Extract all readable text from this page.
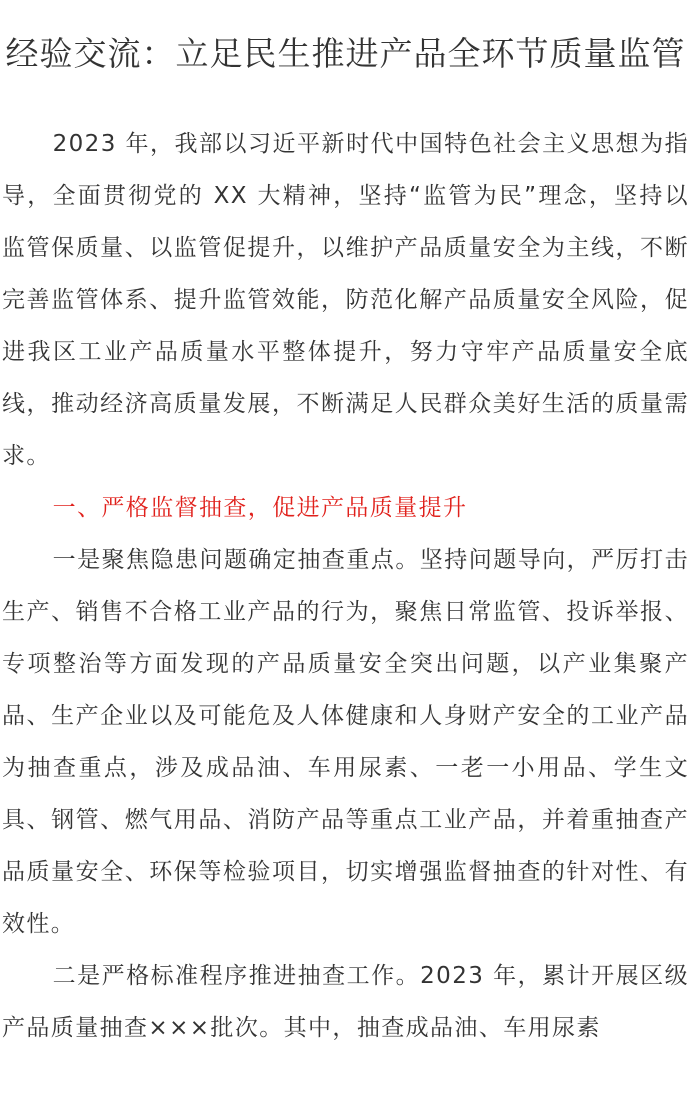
经验交流：立足民生推进产品全环节质量监管

2023 年，我部以习近平新时代中国特色社会主义思想为指导，全面贯彻党的 XX 大精神，坚持“监管为民”理念，坚持以监管保质量、以监管促提升，以维护产品质量安全为主线，不断完善监管体系、提升监管效能，防范化解产品质量安全风险，促进我区工业产品质量水平整体提升，努力守牢产品质量安全底线，推动经济高质量发展，不断满足人民群众美好生活的质量需求。

一、严格监督抽查，促进产品质量提升

一是聚焦隐患问题确定抽查重点。坚持问题导向，严厉打击生产、销售不合格工业产品的行为，聚焦日常监管、投诉举报、专项整治等方面发现的产品质量安全突出问题，以产业集聚产品、生产企业以及可能危及人体健康和人身财产安全的工业产品为抽查重点，涉及成品油、车用尿素、一老一小用品、学生文具、钢管、燃气用品、消防产品等重点工业产品，并着重抽查产品质量安全、环保等检验项目，切实增强监督抽查的针对性、有效性。

二是严格标准程序推进抽查工作。2023 年，累计开展区级产品质量抽查×××批次。其中，抽查成品油、车用尿素
